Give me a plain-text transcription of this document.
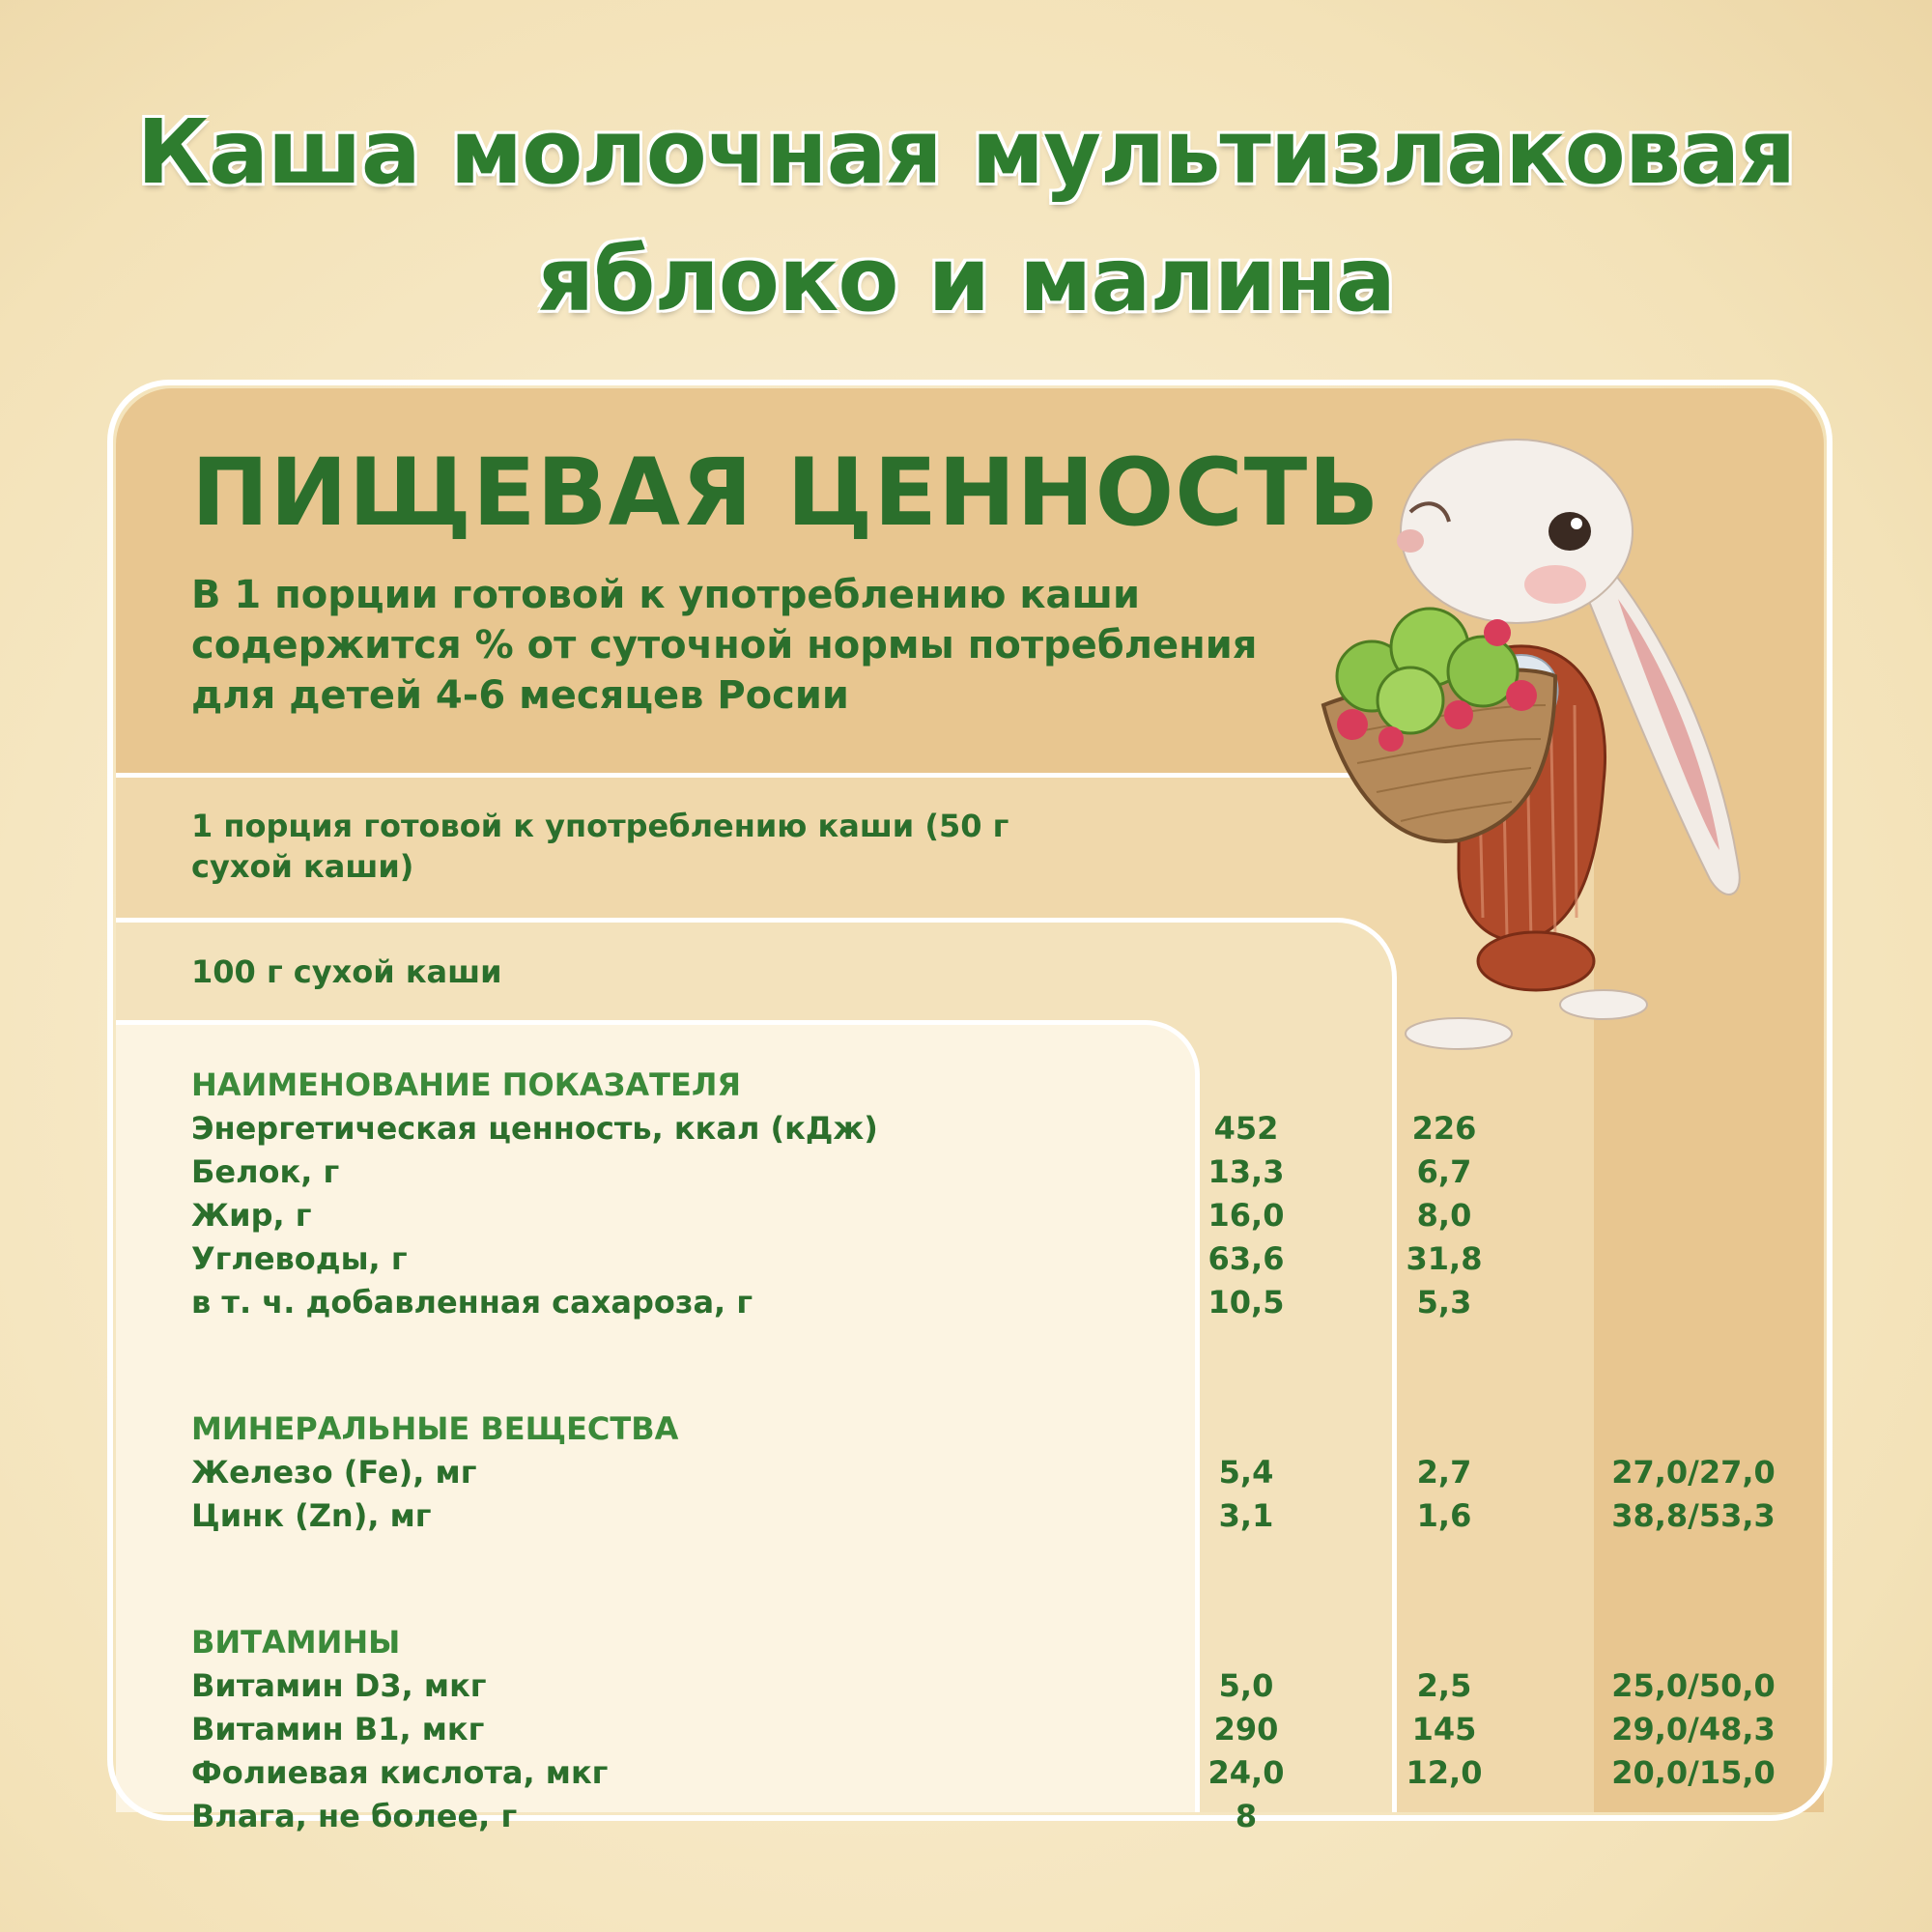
Каша молочная мультизлаковая
яблоко и малина
ПИЩЕВАЯ ЦЕННОСТЬ
В 1 порции готовой к употреблению каши содержится % от суточной нормы потребления для детей 4-6 месяцев Росии
1 порция готовой к употреблению каши (50 г сухой каши)
100 г сухой каши
НАИМЕНОВАНИЕ ПОКАЗАТЕЛЯ
Энергетическая ценность, ккал (кДж)	452	226
Белок, г	13,3	6,7
Жир, г	16,0	8,0
Углеводы, г	63,6	31,8
в т. ч. добавленная сахароза, г	10,5	5,3
МИНЕРАЛЬНЫЕ ВЕЩЕСТВА
Железо (Fe), мг	5,4	2,7	27,0/27,0
Цинк (Zn), мг	3,1	1,6	38,8/53,3
ВИТАМИНЫ
Витамин D3, мкг	5,0	2,5	25,0/50,0
Витамин B1, мкг	290	145	29,0/48,3
Фолиевая кислота, мкг	24,0	12,0	20,0/15,0
Влага, не более, г	8
